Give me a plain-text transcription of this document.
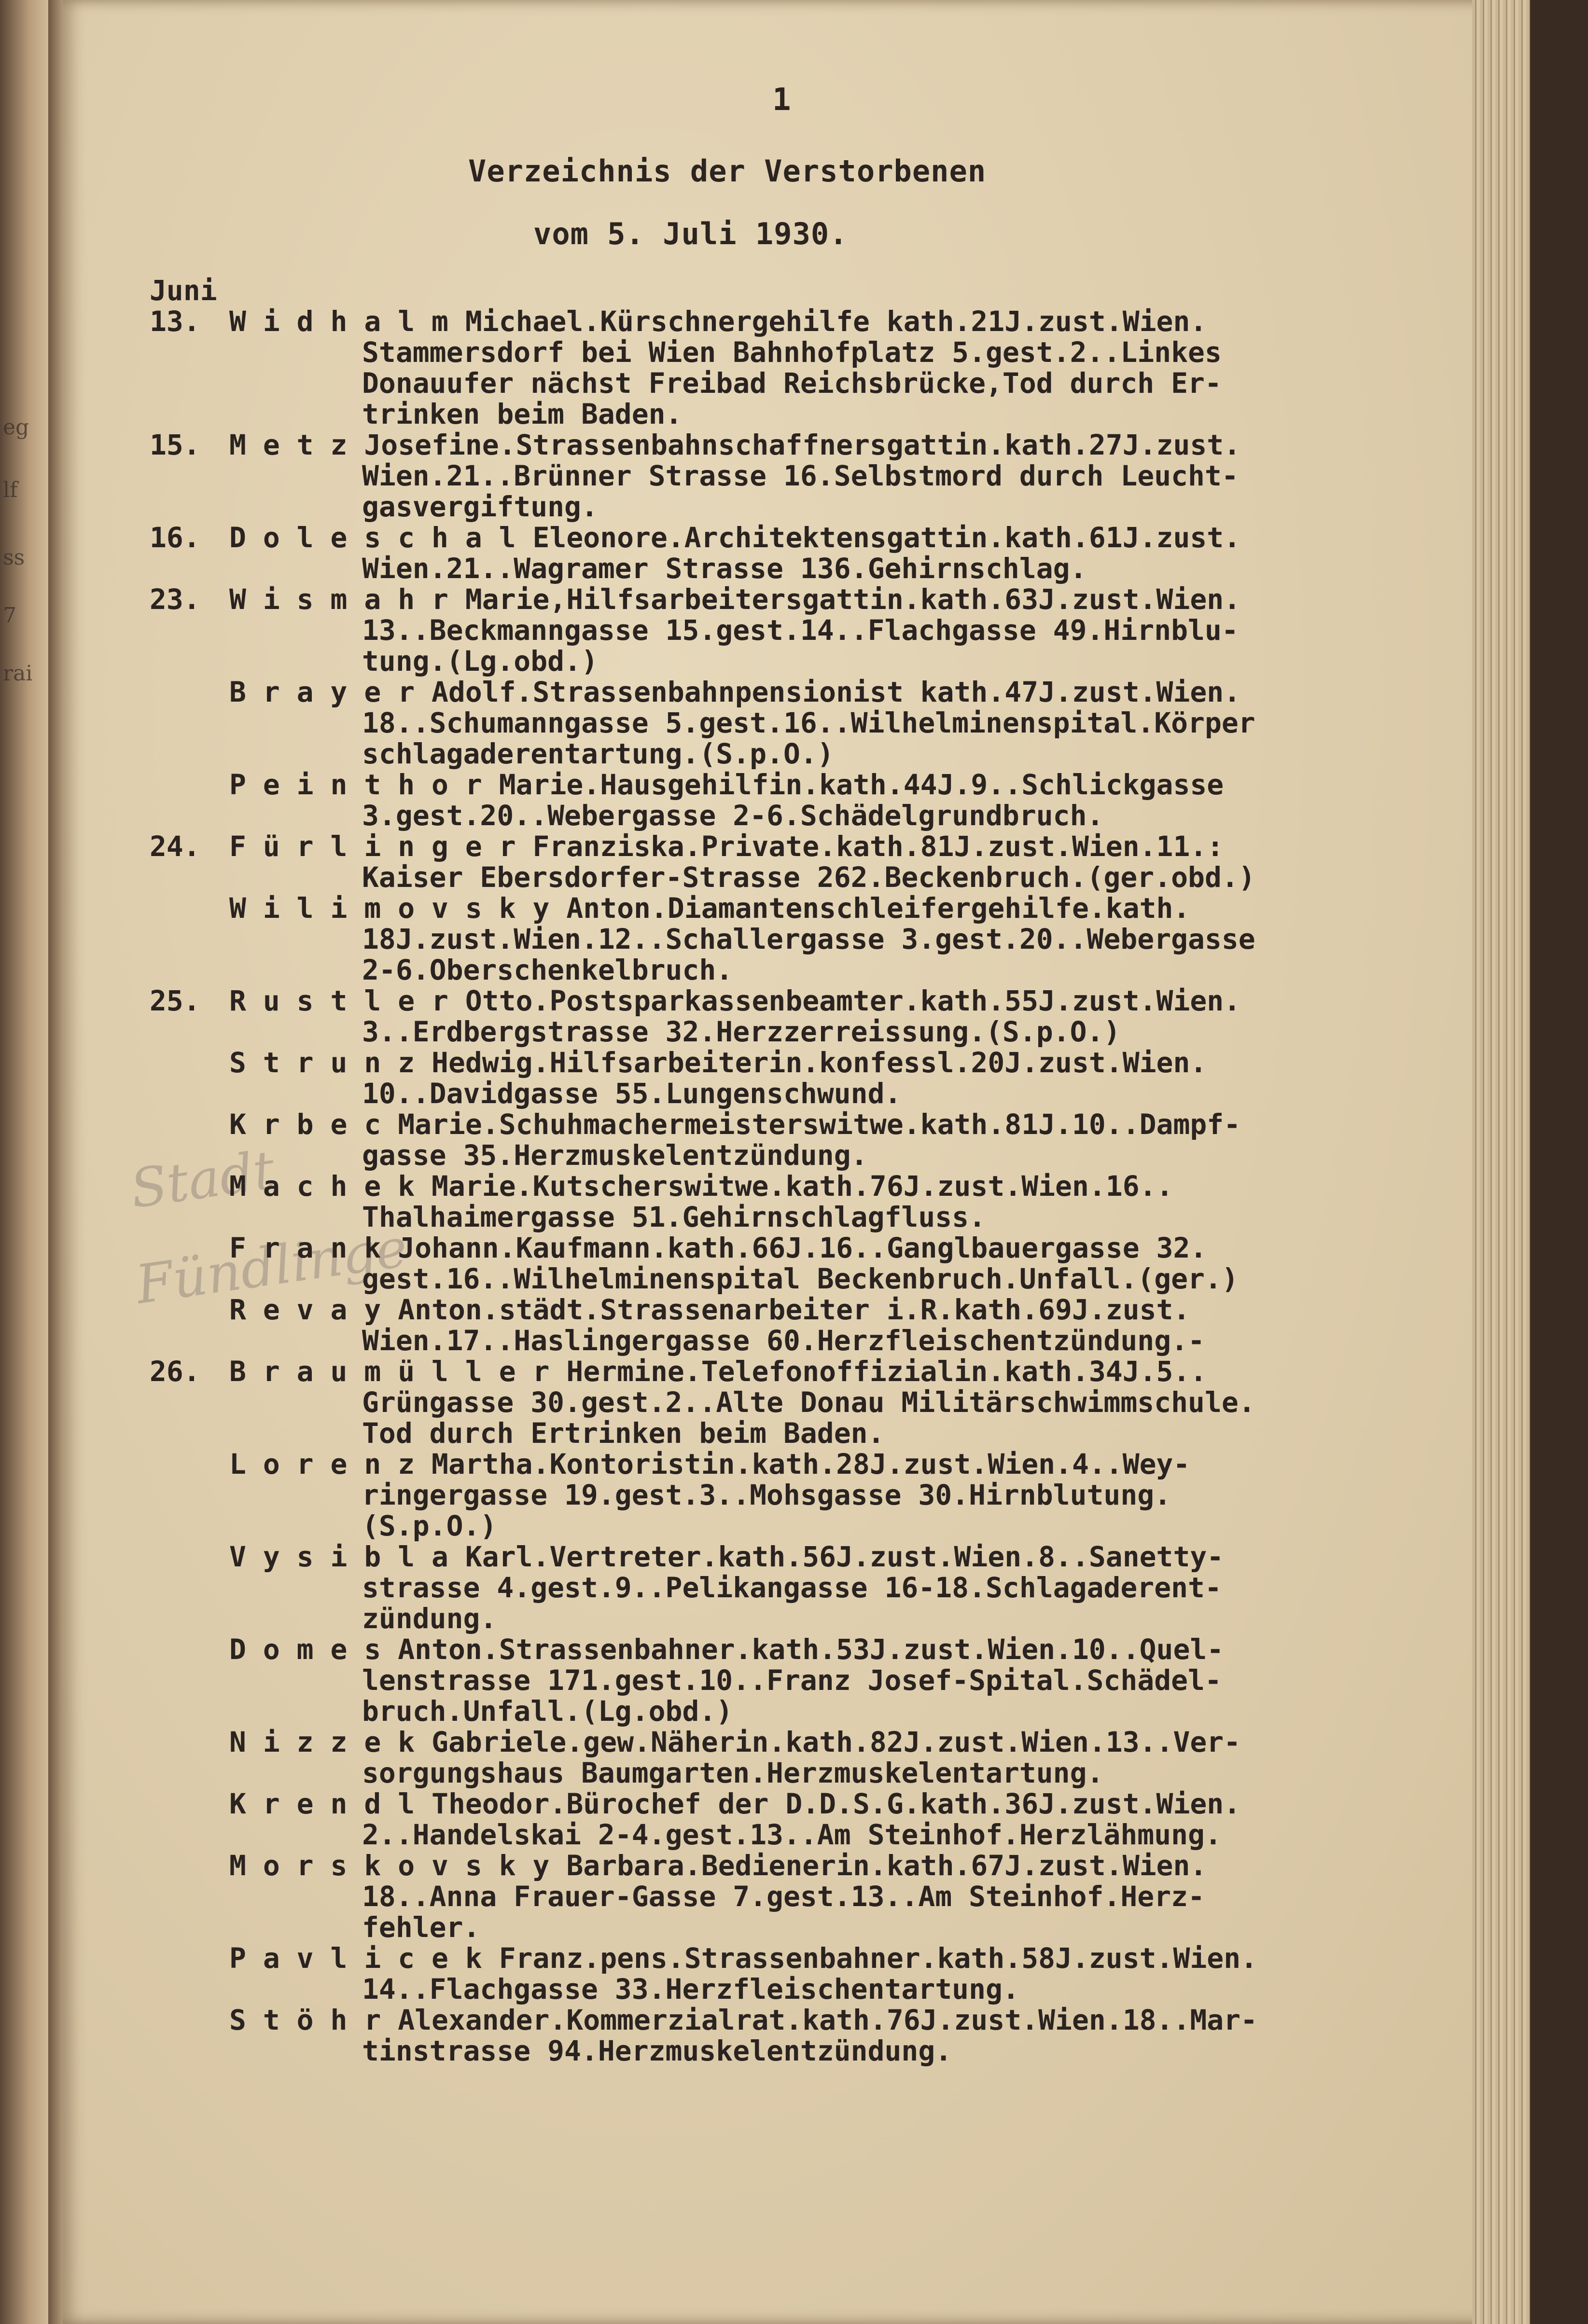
eg
lf
ss
7
rai
1
Verzeichnis der Verstorbenen
vom 5. Juli 1930.
Stadt
Fündlinge
Juni
13. W i d h a l m Michael.Kürschnergehilfe kath.21J.zust.Wien.
Stammersdorf bei Wien Bahnhofplatz 5.gest.2..Linkes
Donauufer nächst Freibad Reichsbrücke,Tod durch Er-
trinken beim Baden.
15. M e t z Josefine.Strassenbahnschaffnersgattin.kath.27J.zust.
Wien.21..Brünner Strasse 16.Selbstmord durch Leucht-
gasvergiftung.
16. D o l e s c h a l Eleonore.Architektensgattin.kath.61J.zust.
Wien.21..Wagramer Strasse 136.Gehirnschlag.
23. W i s m a h r Marie,Hilfsarbeitersgattin.kath.63J.zust.Wien.
13..Beckmanngasse 15.gest.14..Flachgasse 49.Hirnblu-
tung.(Lg.obd.)
B r a y e r Adolf.Strassenbahnpensionist kath.47J.zust.Wien.
18..Schumanngasse 5.gest.16..Wilhelminenspital.Körper
schlagaderentartung.(S.p.O.)
P e i n t h o r Marie.Hausgehilfin.kath.44J.9..Schlickgasse
3.gest.20..Webergasse 2-6.Schädelgrundbruch.
24. F ü r l i n g e r Franziska.Private.kath.81J.zust.Wien.11.:
Kaiser Ebersdorfer-Strasse 262.Beckenbruch.(ger.obd.)
W i l i m o v s k y Anton.Diamantenschleifergehilfe.kath.
18J.zust.Wien.12..Schallergasse 3.gest.20..Webergasse
2-6.Oberschenkelbruch.
25. R u s t l e r Otto.Postsparkassenbeamter.kath.55J.zust.Wien.
3..Erdbergstrasse 32.Herzzerreissung.(S.p.O.)
S t r u n z Hedwig.Hilfsarbeiterin.konfessl.20J.zust.Wien.
10..Davidgasse 55.Lungenschwund.
K r b e c Marie.Schuhmachermeisterswitwe.kath.81J.10..Dampf-
gasse 35.Herzmuskelentzündung.
M a c h e k Marie.Kutscherswitwe.kath.76J.zust.Wien.16..
Thalhaimergasse 51.Gehirnschlagfluss.
F r a n k Johann.Kaufmann.kath.66J.16..Ganglbauergasse 32.
gest.16..Wilhelminenspital Beckenbruch.Unfall.(ger.)
R e v a y Anton.städt.Strassenarbeiter i.R.kath.69J.zust.
Wien.17..Haslingergasse 60.Herzfleischentzündung.-
26. B r a u m ü l l e r Hermine.Telefonoffizialin.kath.34J.5..
Grüngasse 30.gest.2..Alte Donau Militärschwimmschule.
Tod durch Ertrinken beim Baden.
L o r e n z Martha.Kontoristin.kath.28J.zust.Wien.4..Wey-
ringergasse 19.gest.3..Mohsgasse 30.Hirnblutung.
(S.p.O.)
V y s i b l a Karl.Vertreter.kath.56J.zust.Wien.8..Sanetty-
strasse 4.gest.9..Pelikangasse 16-18.Schlagaderent-
zündung.
D o m e s Anton.Strassenbahner.kath.53J.zust.Wien.10..Quel-
lenstrasse 171.gest.10..Franz Josef-Spital.Schädel-
bruch.Unfall.(Lg.obd.)
N i z z e k Gabriele.gew.Näherin.kath.82J.zust.Wien.13..Ver-
sorgungshaus Baumgarten.Herzmuskelentartung.
K r e n d l Theodor.Bürochef der D.D.S.G.kath.36J.zust.Wien.
2..Handelskai 2-4.gest.13..Am Steinhof.Herzlähmung.
M o r s k o v s k y Barbara.Bedienerin.kath.67J.zust.Wien.
18..Anna Frauer-Gasse 7.gest.13..Am Steinhof.Herz-
fehler.
P a v l i c e k Franz.pens.Strassenbahner.kath.58J.zust.Wien.
14..Flachgasse 33.Herzfleischentartung.
S t ö h r Alexander.Kommerzialrat.kath.76J.zust.Wien.18..Mar-
tinstrasse 94.Herzmuskelentzündung.
